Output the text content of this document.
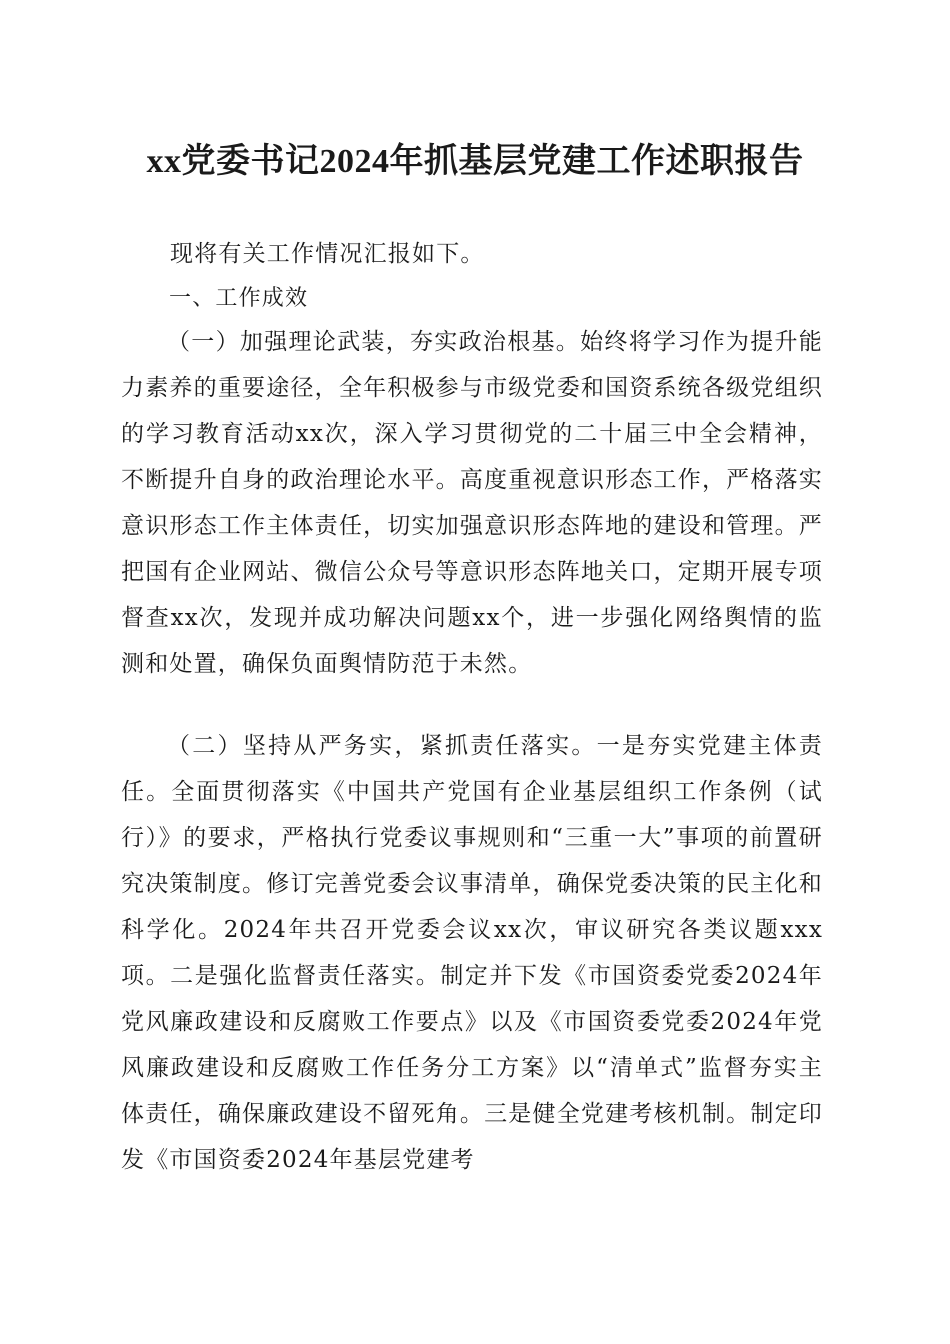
xx党委书记2024年抓基层党建工作述职报告
现将有关工作情况汇报如下。
一、工作成效
（一）加强理论武装，夯实政治根基。始终将学习作为提升能力素养的重要途径，全年积极参与市级党委和国资系统各级党组织的学习教育活动xx次，深入学习贯彻党的二十届三中全会精神，不断提升自身的政治理论水平。高度重视意识形态工作，严格落实意识形态工作主体责任，切实加强意识形态阵地的建设和管理。严把国有企业网站、微信公众号等意识形态阵地关口，定期开展专项督查xx次，发现并成功解决问题xx个，进一步强化网络舆情的监测和处置，确保负面舆情防范于未然。
（二）坚持从严务实，紧抓责任落实。一是夯实党建主体责任。全面贯彻落实《中国共产党国有企业基层组织工作条例（试行）》的要求，严格执行党委议事规则和“三重一大”事项的前置研究决策制度。修订完善党委会议事清单，确保党委决策的民主化和科学化。2024年共召开党委会议xx次，审议研究各类议题xxx项。二是强化监督责任落实。制定并下发《市国资委党委2024年党风廉政建设和反腐败工作要点》以及《市国资委党委2024年党风廉政建设和反腐败工作任务分工方案》以“清单式”监督夯实主体责任，确保廉政建设不留死角。三是健全党建考核机制。制定印发《市国资委2024年基层党建考
